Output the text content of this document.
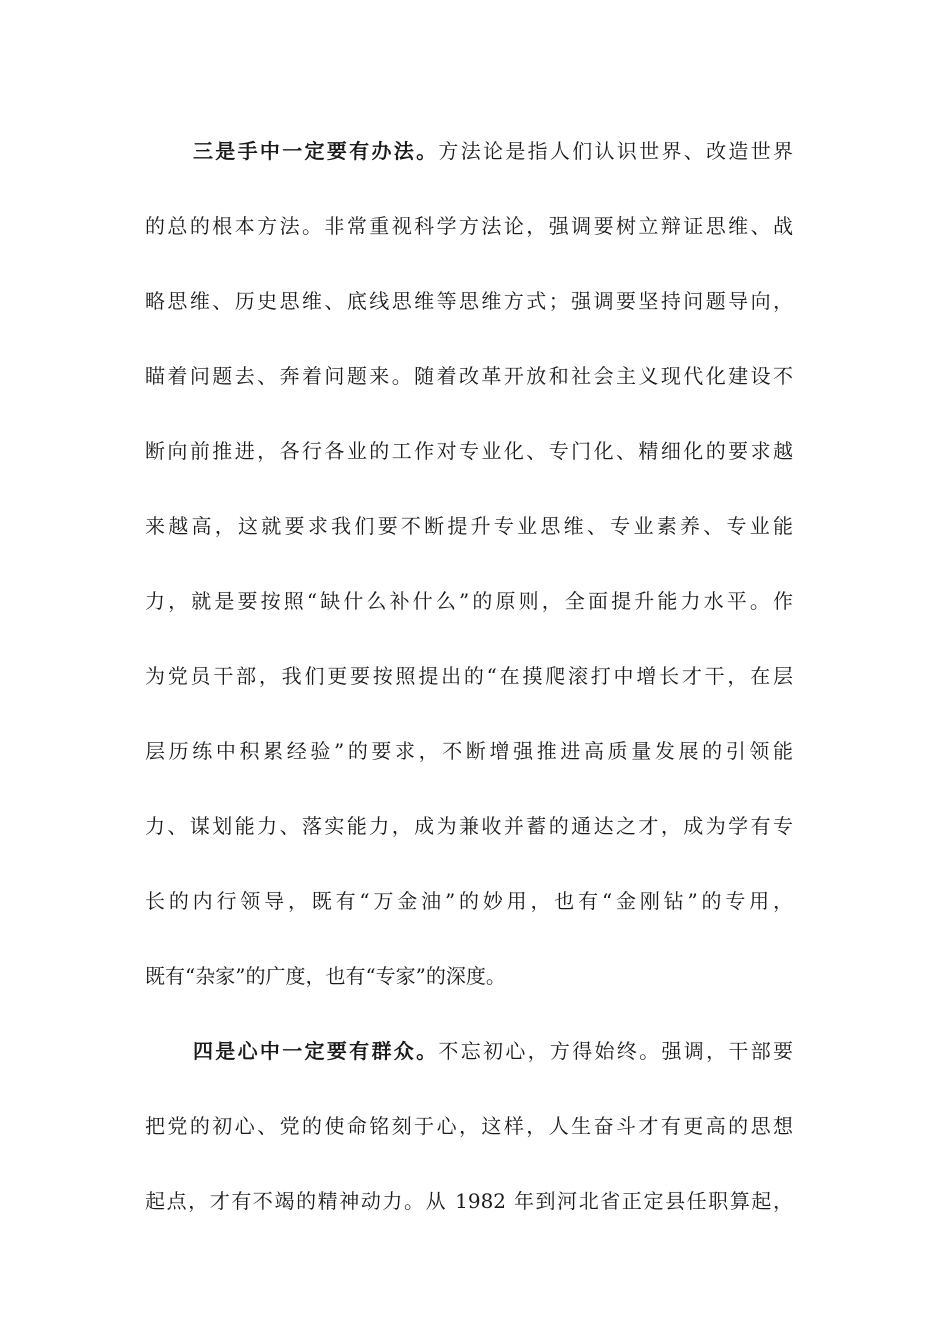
三是手中一定要有办法。方法论是指人们认识世界、改造世界
的总的根本方法。非常重视科学方法论，强调要树立辩证思维、战
略思维、历史思维、底线思维等思维方式；强调要坚持问题导向，
瞄着问题去、奔着问题来。随着改革开放和社会主义现代化建设不
断向前推进，各行各业的工作对专业化、专门化、精细化的要求越
来越高，这就要求我们要不断提升专业思维、专业素养、专业能
力，就是要按照“缺什么补什么”的原则，全面提升能力水平。作
为党员干部，我们更要按照提出的“在摸爬滚打中增长才干，在层
层历练中积累经验”的要求，不断增强推进高质量发展的引领能
力、谋划能力、落实能力，成为兼收并蓄的通达之才，成为学有专
长的内行领导，既有“万金油”的妙用，也有“金刚钻”的专用，
既有“杂家”的广度，也有“专家”的深度。
四是心中一定要有群众。不忘初心，方得始终。强调，干部要
把党的初心、党的使命铭刻于心，这样，人生奋斗才有更高的思想
起点，才有不竭的精神动力。从 1982 年到河北省正定县任职算起，
